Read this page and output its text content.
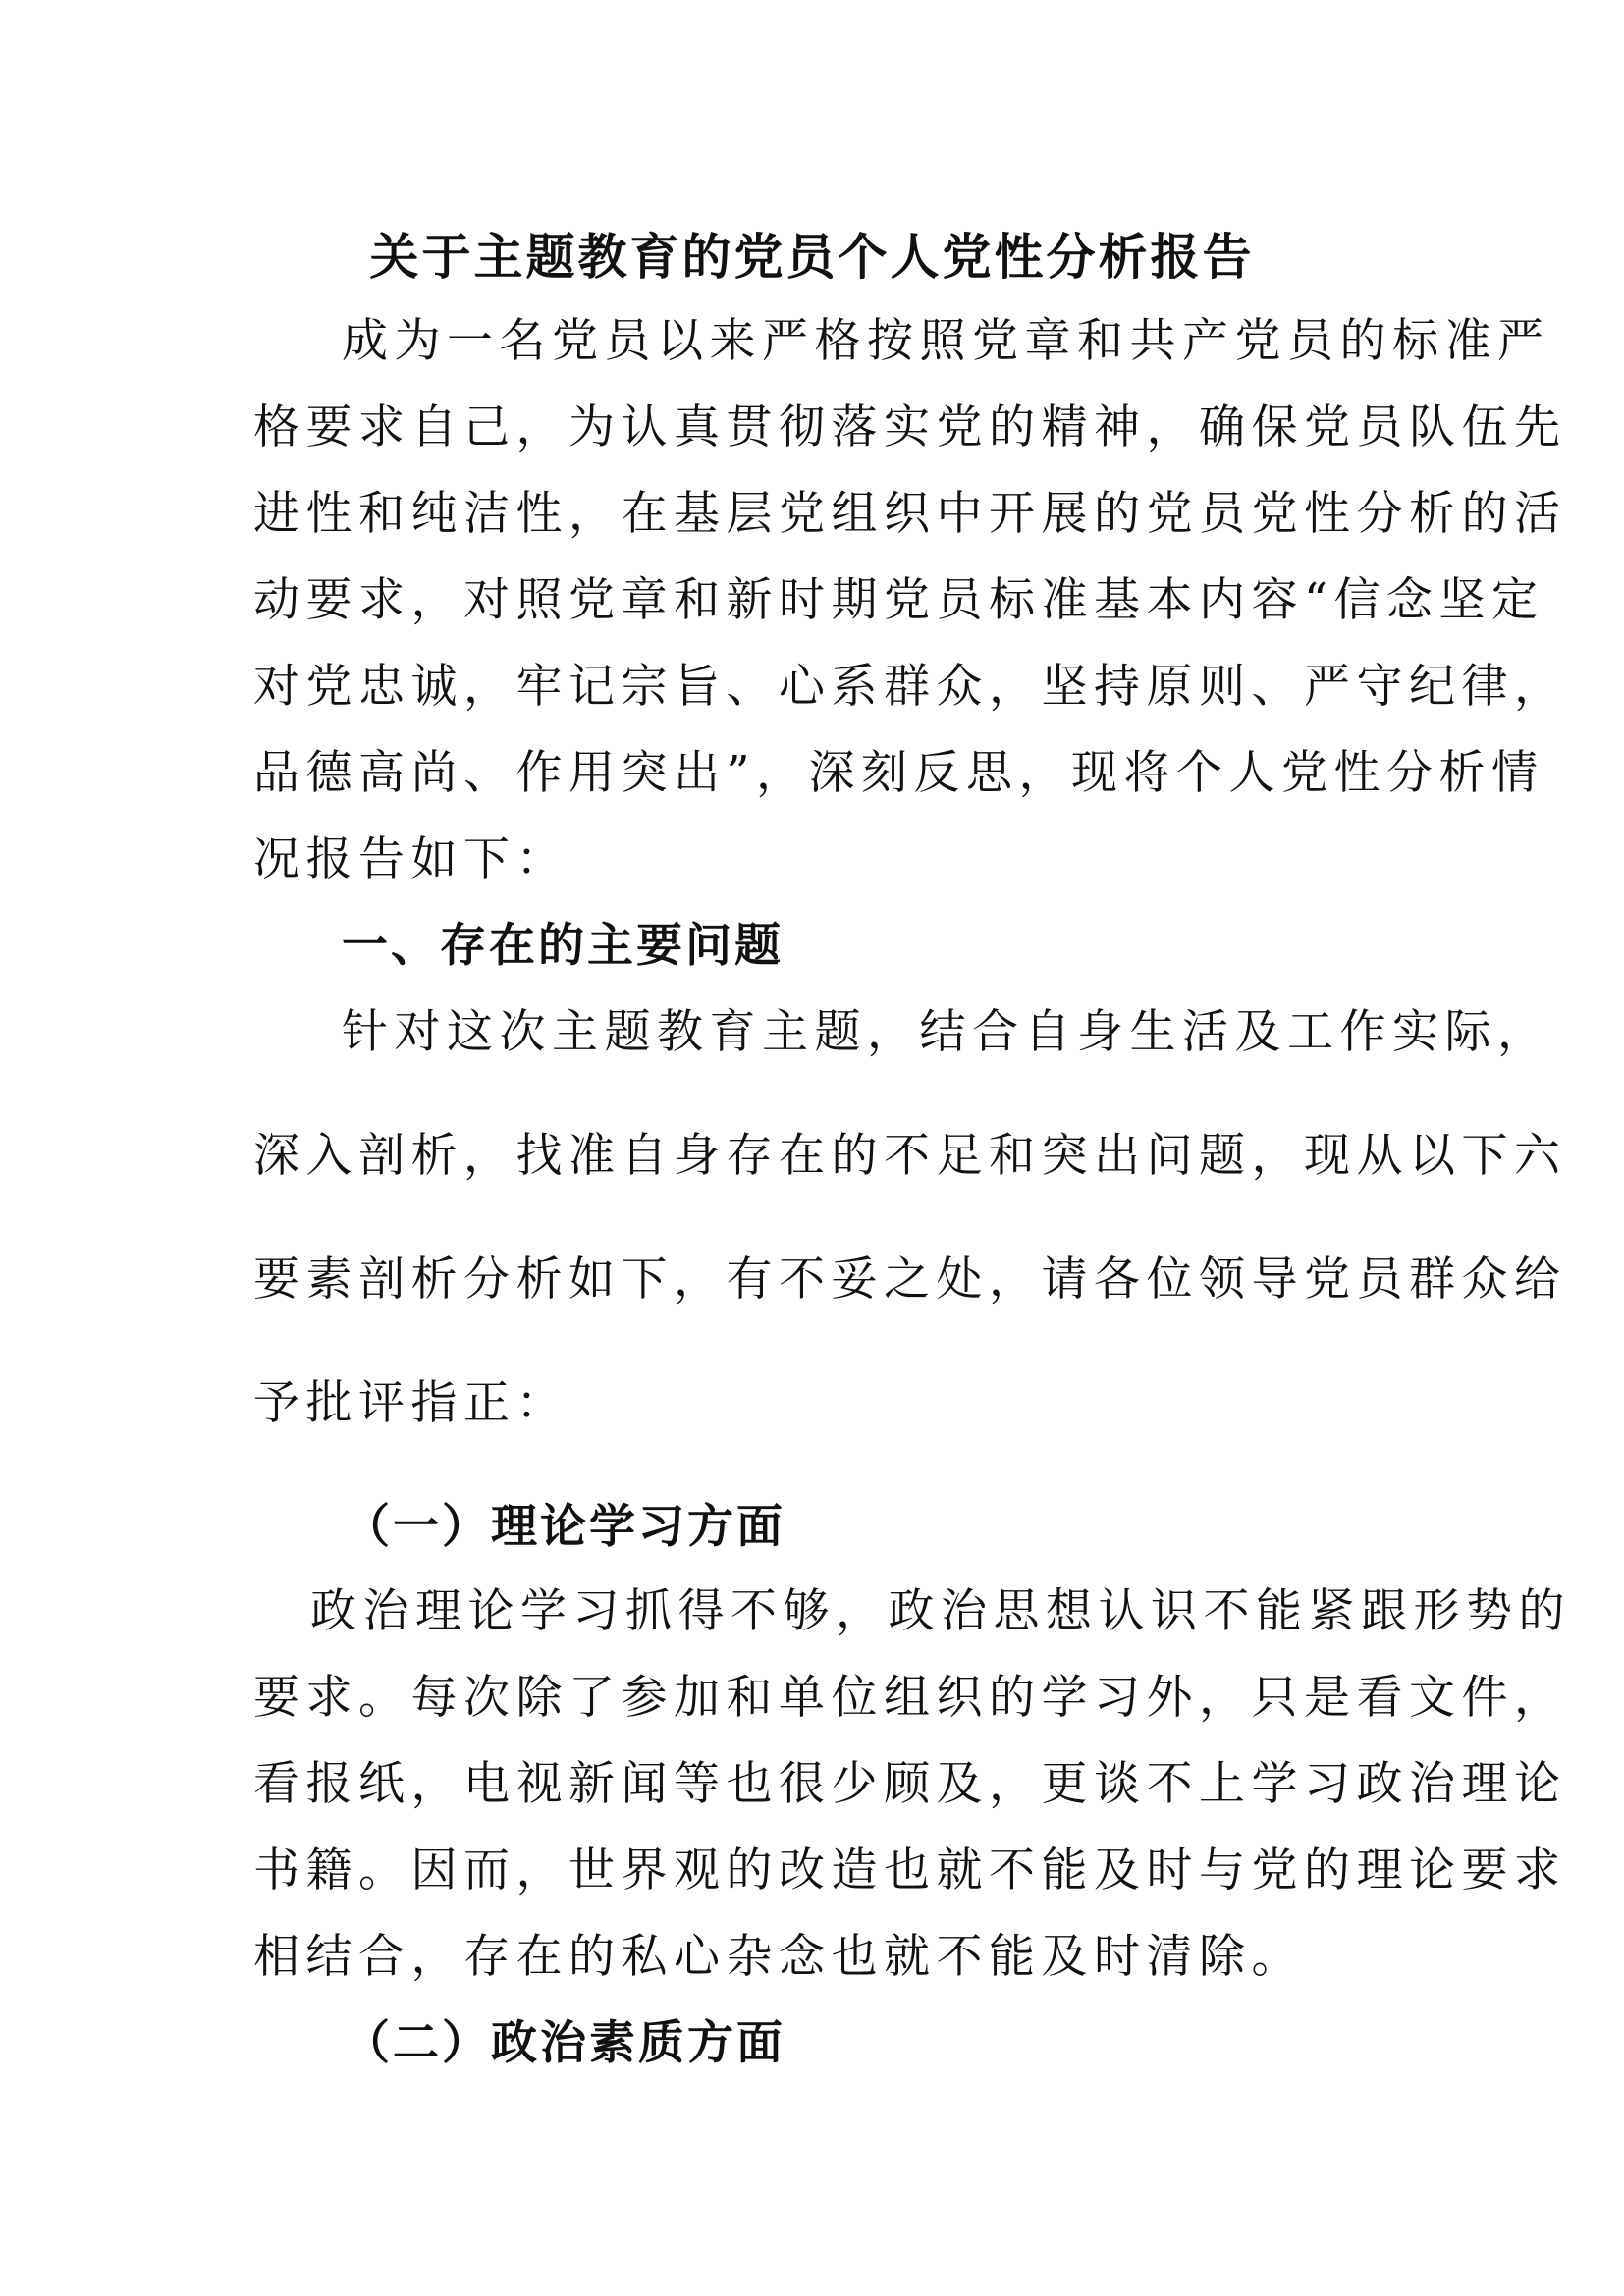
关于主题教育的党员个人党性分析报告
成为一名党员以来严格按照党章和共产党员的标准严
格要求自己，为认真贯彻落实党的精神，确保党员队伍先
进性和纯洁性，在基层党组织中开展的党员党性分析的活
动要求，对照党章和新时期党员标准基本内容“信念坚定
对党忠诚，牢记宗旨、心系群众，坚持原则、严守纪律，
品德高尚、作用突出”，深刻反思，现将个人党性分析情
况报告如下：
一、存在的主要问题
针对这次主题教育主题，结合自身生活及工作实际，
深入剖析，找准自身存在的不足和突出问题，现从以下六
要素剖析分析如下，有不妥之处，请各位领导党员群众给
予批评指正：
（一）理论学习方面
政治理论学习抓得不够，政治思想认识不能紧跟形势的
要求。每次除了参加和单位组织的学习外，只是看文件，
看报纸，电视新闻等也很少顾及，更谈不上学习政治理论
书籍。因而，世界观的改造也就不能及时与党的理论要求
相结合，存在的私心杂念也就不能及时清除。
（二）政治素质方面
